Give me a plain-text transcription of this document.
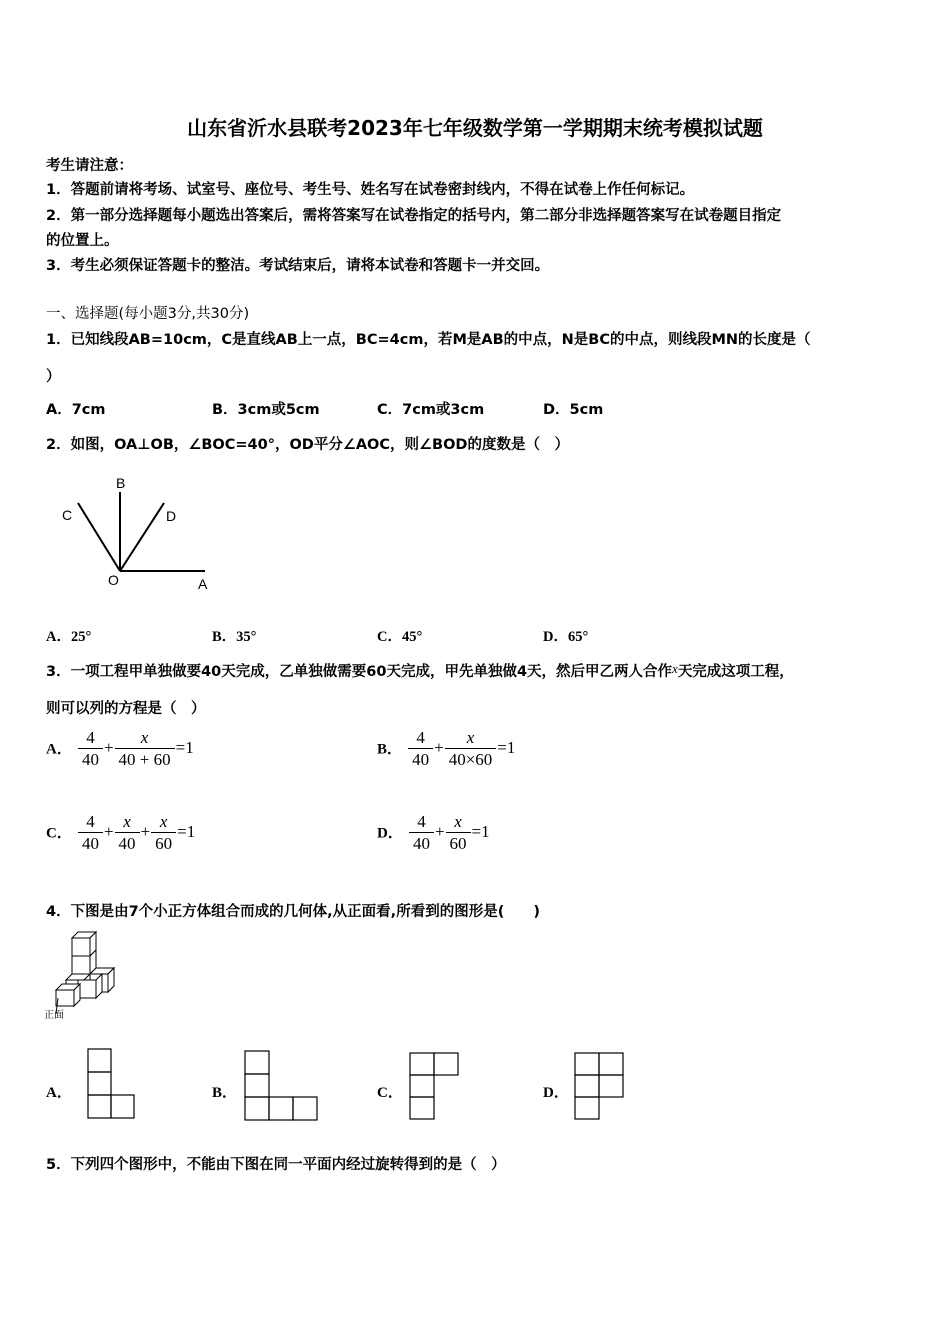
山东省沂水县联考2023年七年级数学第一学期期末统考模拟试题
考生请注意：
1．答题前请将考场、试室号、座位号、考生号、姓名写在试卷密封线内，不得在试卷上作任何标记。
2．第一部分选择题每小题选出答案后，需将答案写在试卷指定的括号内，第二部分非选择题答案写在试卷题目指定
的位置上。
3．考生必须保证答题卡的整洁。考试结束后，请将本试卷和答题卡一并交回。
一、选择题(每小题3分,共30分)
1．已知线段AB=10cm，C是直线AB上一点，BC=4cm，若M是AB的中点，N是BC的中点，则线段MN的长度是（
）
A．7cm	B．3cm或5cm	C．7cm或3cm	D．5cm
2．如图，OA⊥OB，∠BOC=40°，OD平分∠AOC，则∠BOD的度数是（　）
B
C	D
O	A
A．25°	B．35°	C．45°	D．65°
3．一项工程甲单独做要40天完成，乙单独做需要60天完成，甲先单独做4天，然后甲乙两人合作x天完成这项工程，
则可以列的方程是（　）
A． $\frac{4}{40} + \frac{x}{40 + 60} =1$	B． $\frac{4}{40} + \frac{x}{40\times 60} =1$
C． $\frac{4}{40} + \frac{x}{40} + \frac{x}{60} =1$	D． $\frac{4}{40} + \frac{x}{60} =1$
4．下图是由7个小正方体组合而成的几何体,从正面看,所看到的图形是(　　)
正面
A．	B．	C．	D．
5．下列四个图形中，不能由下图在同一平面内经过旋转得到的是（　）
